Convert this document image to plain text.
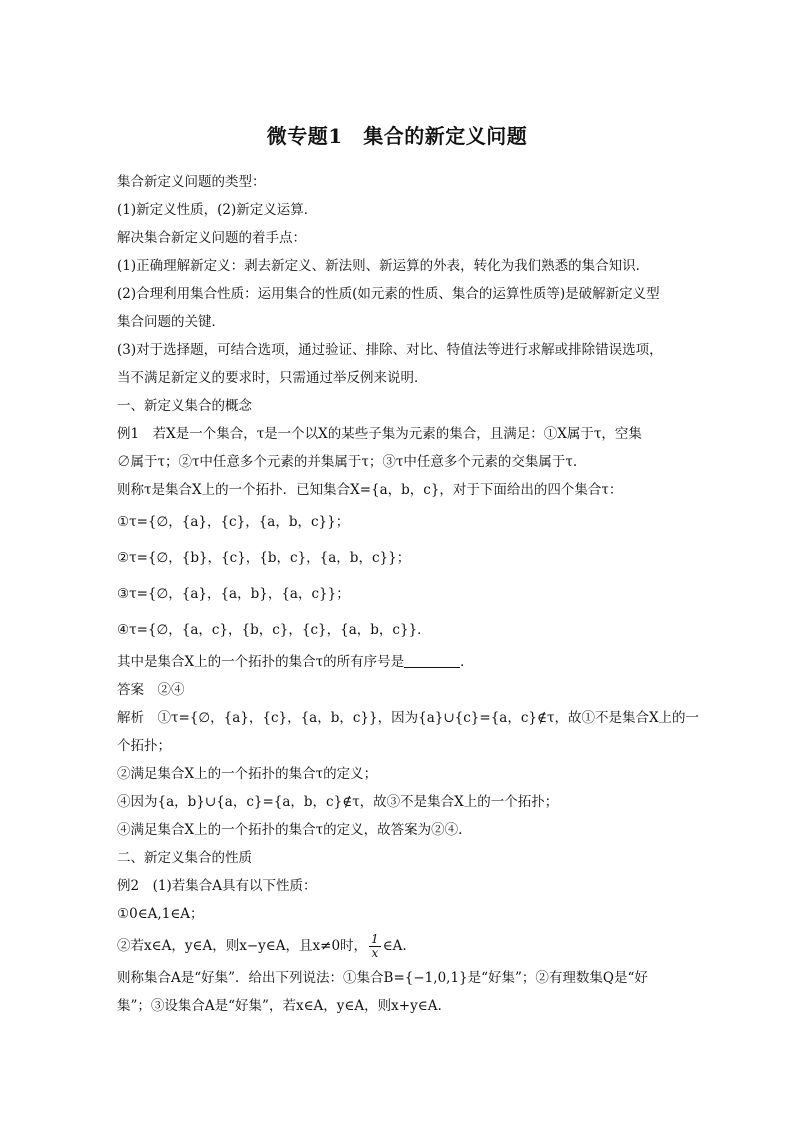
微专题1　集合的新定义问题
集合新定义问题的类型：
(1)新定义性质，(2)新定义运算．
解决集合新定义问题的着手点：
(1)正确理解新定义：剥去新定义、新法则、新运算的外表，转化为我们熟悉的集合知识．
(2)合理利用集合性质：运用集合的性质(如元素的性质、集合的运算性质等)是破解新定义型
集合问题的关键．
(3)对于选择题，可结合选项，通过验证、排除、对比、特值法等进行求解或排除错误选项，
当不满足新定义的要求时，只需通过举反例来说明．
一、新定义集合的概念
例1　若X是一个集合，τ是一个以X的某些子集为元素的集合，且满足：①X属于τ，空集
∅属于τ；②τ中任意多个元素的并集属于τ；③τ中任意多个元素的交集属于τ.
则称τ是集合X上的一个拓扑．已知集合X={a，b，c}，对于下面给出的四个集合τ：
①τ={∅，{a}，{c}，{a，b，c}}；
②τ={∅，{b}，{c}，{b，c}，{a，b，c}}；
③τ={∅，{a}，{a，b}，{a，c}}；
④τ={∅，{a，c}，{b，c}，{c}，{a，b，c}}．
其中是集合X上的一个拓扑的集合τ的所有序号是	．
答案　②④
解析　①τ={∅，{a}，{c}，{a，b，c}}，因为{a}∪{c}={a，c}∉τ，故①不是集合X上的一
个拓扑；
②满足集合X上的一个拓扑的集合τ的定义；
④因为{a，b}∪{a，c}={a，b，c}∉τ，故③不是集合X上的一个拓扑；
④满足集合X上的一个拓扑的集合τ的定义，故答案为②④.
二、新定义集合的性质
例2　(1)若集合A具有以下性质：
①0∈A,1∈A；
②若x∈A，y∈A，则x−y∈A，且x≠0时， $\frac{1}{x}$ ∈A.
则称集合A是“好集”．给出下列说法：①集合B={−1,0,1}是“好集”；②有理数集Q是“好
集”；③设集合A是“好集”，若x∈A，y∈A，则x+y∈A.
